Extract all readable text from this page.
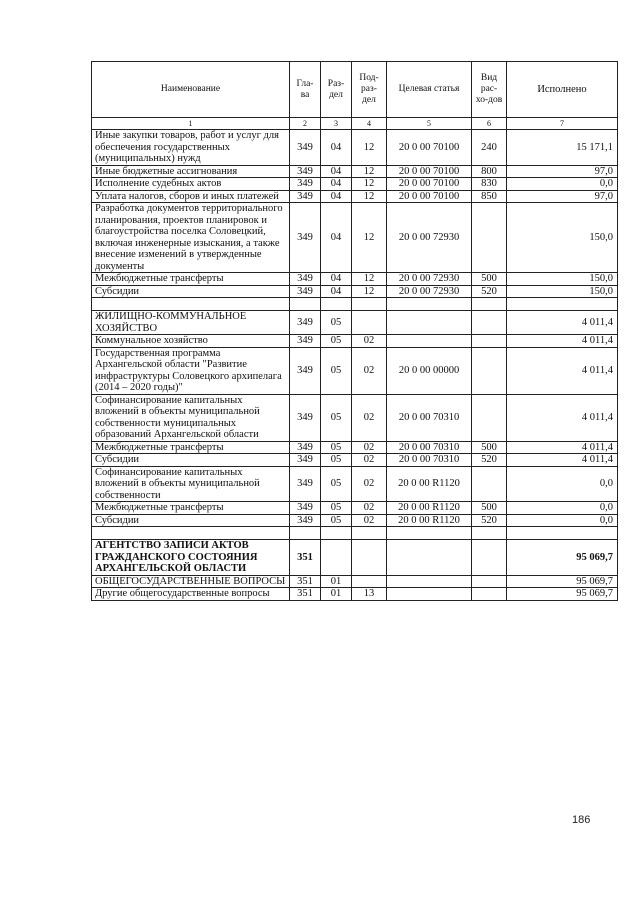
Наименование	Гла-ва	Раз-дел	Под-раз-дел	Целевая статья	Вид рас-хо-дов	Исполнено
1	2	3	4	5	6	7
Иные закупки товаров, работ и услуг для обеспечения государственных (муниципальных) нужд	349	04	12	20 0 00 70100	240	15 171,1
Иные бюджетные ассигнования	349	04	12	20 0 00 70100	800	97,0
Исполнение судебных актов	349	04	12	20 0 00 70100	830	0,0
Уплата налогов, сборов и иных платежей	349	04	12	20 0 00 70100	850	97,0
Разработка документов территориального планирования, проектов планировок и благоустройства поселка Соловецкий, включая инженерные изыскания, а также внесение изменений в утвержденные документы	349	04	12	20 0 00 72930		150,0
Межбюджетные трансферты	349	04	12	20 0 00 72930	500	150,0
Субсидии	349	04	12	20 0 00 72930	520	150,0

ЖИЛИЩНО-КОММУНАЛЬНОЕ ХОЗЯЙСТВО	349	05				4 011,4
Коммунальное хозяйство	349	05	02			4 011,4
Государственная программа Архангельской области "Развитие инфраструктуры Соловецкого архипелага (2014 – 2020 годы)"	349	05	02	20 0 00 00000		4 011,4
Софинансирование капитальных вложений в объекты муниципальной собственности муниципальных образований Архангельской области	349	05	02	20 0 00 70310		4 011,4
Межбюджетные трансферты	349	05	02	20 0 00 70310	500	4 011,4
Субсидии	349	05	02	20 0 00 70310	520	4 011,4
Софинансирование капитальных вложений в объекты муниципальной собственности	349	05	02	20 0 00 R1120		0,0
Межбюджетные трансферты	349	05	02	20 0 00 R1120	500	0,0
Субсидии	349	05	02	20 0 00 R1120	520	0,0

АГЕНТСТВО ЗАПИСИ АКТОВ ГРАЖДАНСКОГО СОСТОЯНИЯ АРХАНГЕЛЬСКОЙ ОБЛАСТИ	351					95 069,7
ОБЩЕГОСУДАРСТВЕННЫЕ ВОПРОСЫ	351	01				95 069,7
Другие общегосударственные вопросы	351	01	13			95 069,7
186
